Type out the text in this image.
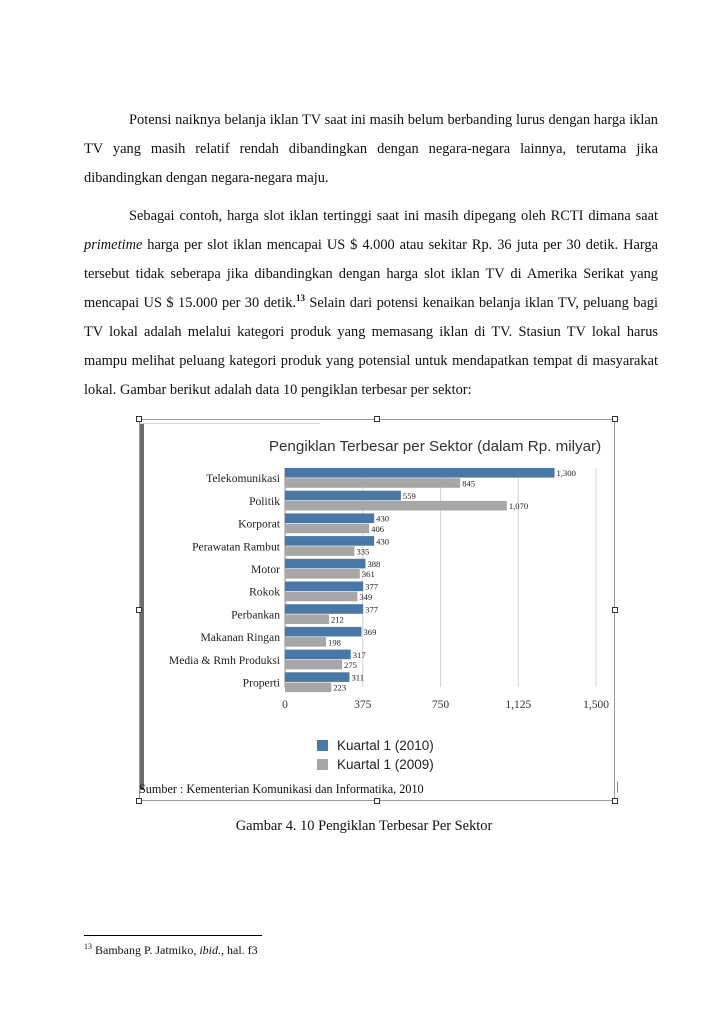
Potensi naiknya belanja iklan TV saat ini masih belum berbanding lurus dengan harga iklan TV yang masih relatif rendah dibandingkan dengan negara-negara lainnya, terutama jika dibandingkan dengan negara-negara maju.

Sebagai contoh, harga slot iklan tertinggi saat ini masih dipegang oleh RCTI dimana saat primetime harga per slot iklan mencapai US $ 4.000 atau sekitar Rp. 36 juta per 30 detik. Harga tersebut tidak seberapa jika dibandingkan dengan harga slot iklan TV di Amerika Serikat yang mencapai US $ 15.000 per 30 detik.$^{13}$ Selain dari potensi kenaikan belanja iklan TV, peluang bagi TV lokal adalah melalui kategori produk yang memasang iklan di TV. Stasiun TV lokal harus mampu melihat peluang kategori produk yang potensial untuk mendapatkan tempat di masyarakat lokal. Gambar berikut adalah data 10 pengiklan terbesar per sektor:

Pengiklan Terbesar per Sektor (dalam Rp. milyar)
1,300
845
559
1,070
430
406
430
335
388
361
377
349
377
212
369
198
317
275
311
223
Telekomunikasi
Politik
Korporat
Perawatan Rambut
Motor
Rokok
Perbankan
Makanan Ringan
Media & Rmh Produksi
Properti
0	375	750	1,125	1,500
Kuartal 1 (2010)
Kuartal 1 (2009)
Sumber : Kementerian Komunikasi dan Informatika, 2010	|
Gambar 4. 10 Pengiklan Terbesar Per Sektor
$^{13}$ Bambang P. Jatmiko, ibid., hal. f3
